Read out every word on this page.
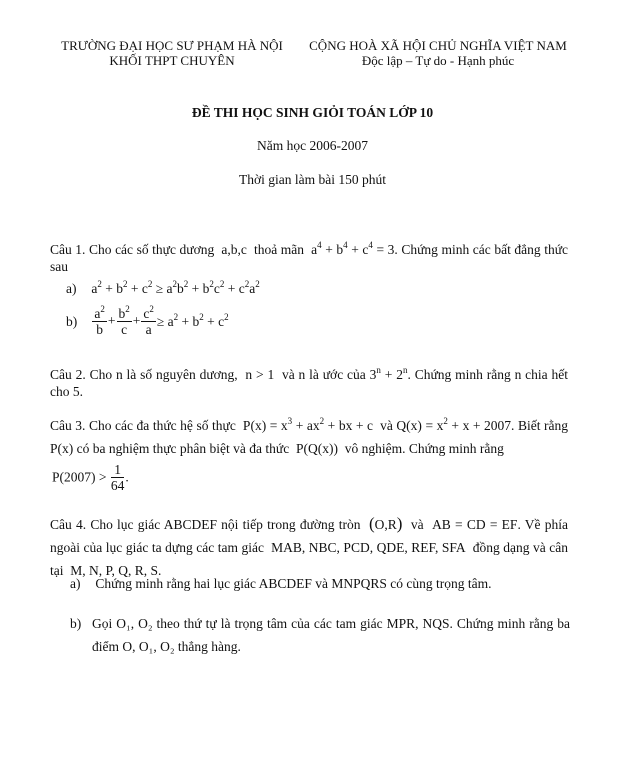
TRƯỜNG ĐẠI HỌC SƯ PHẠM HÀ NỘI
KHỐI THPT CHUYÊN
CỘNG HOÀ XÃ HỘI CHỦ NGHĨA VIỆT NAM
Độc lập – Tự do - Hạnh phúc
ĐỀ THI HỌC SINH GIỎI TOÁN LỚP 10
Năm học 2006-2007
Thời gian làm bài 150 phút
Câu 1. Cho các số thực dương  a,b,c  thoả mãn  $a^4 + b^4 + c^4 = 3$. Chứng minh các bất đẳng thức sau
a) $a^2 + b^2 + c^2 \ge a^2b^2 + b^2c^2 + c^2a^2$
$b) \frac{a^2}{b} + \frac{b^2}{c} + \frac{c^2}{a} \ge a^2 + b^2 + c^2$
Câu 2. Cho n là số nguyên dương,  n > 1  và n là ước của $3^n + 2^n$. Chứng minh rằng n chia hết cho 5.
Câu 3. Cho các đa thức hệ số thực  $P(x) = x^3 + ax^2$ + bx + c  và $Q(x) = x^2 + x + 2007$. Biết rằng P(x) có ba nghiệm thực phân biệt và đa thức  P(Q(x))  vô nghiệm. Chứng minh rằng
$P(2007) > \frac{1}{64}$ .
Câu 4. Cho lục giác ABCDEF nội tiếp trong đường tròn (O,R) và  AB = CD = EF. Về phía ngoài của lục giác ta dựng các tam giác  MAB, NBC, PCD, QDE, REF, SFA  đồng dạng và cân tại  M, N, P, Q, R, S.
a) Chứng minh rằng hai lục giác ABCDEF và MNPQRS có cùng trọng tâm.
b) Gọi O₁, O₂ theo thứ tự là trọng tâm của các tam giác MPR, NQS. Chứng minh rằng ba điểm O, O₁, O₂ thẳng hàng.
